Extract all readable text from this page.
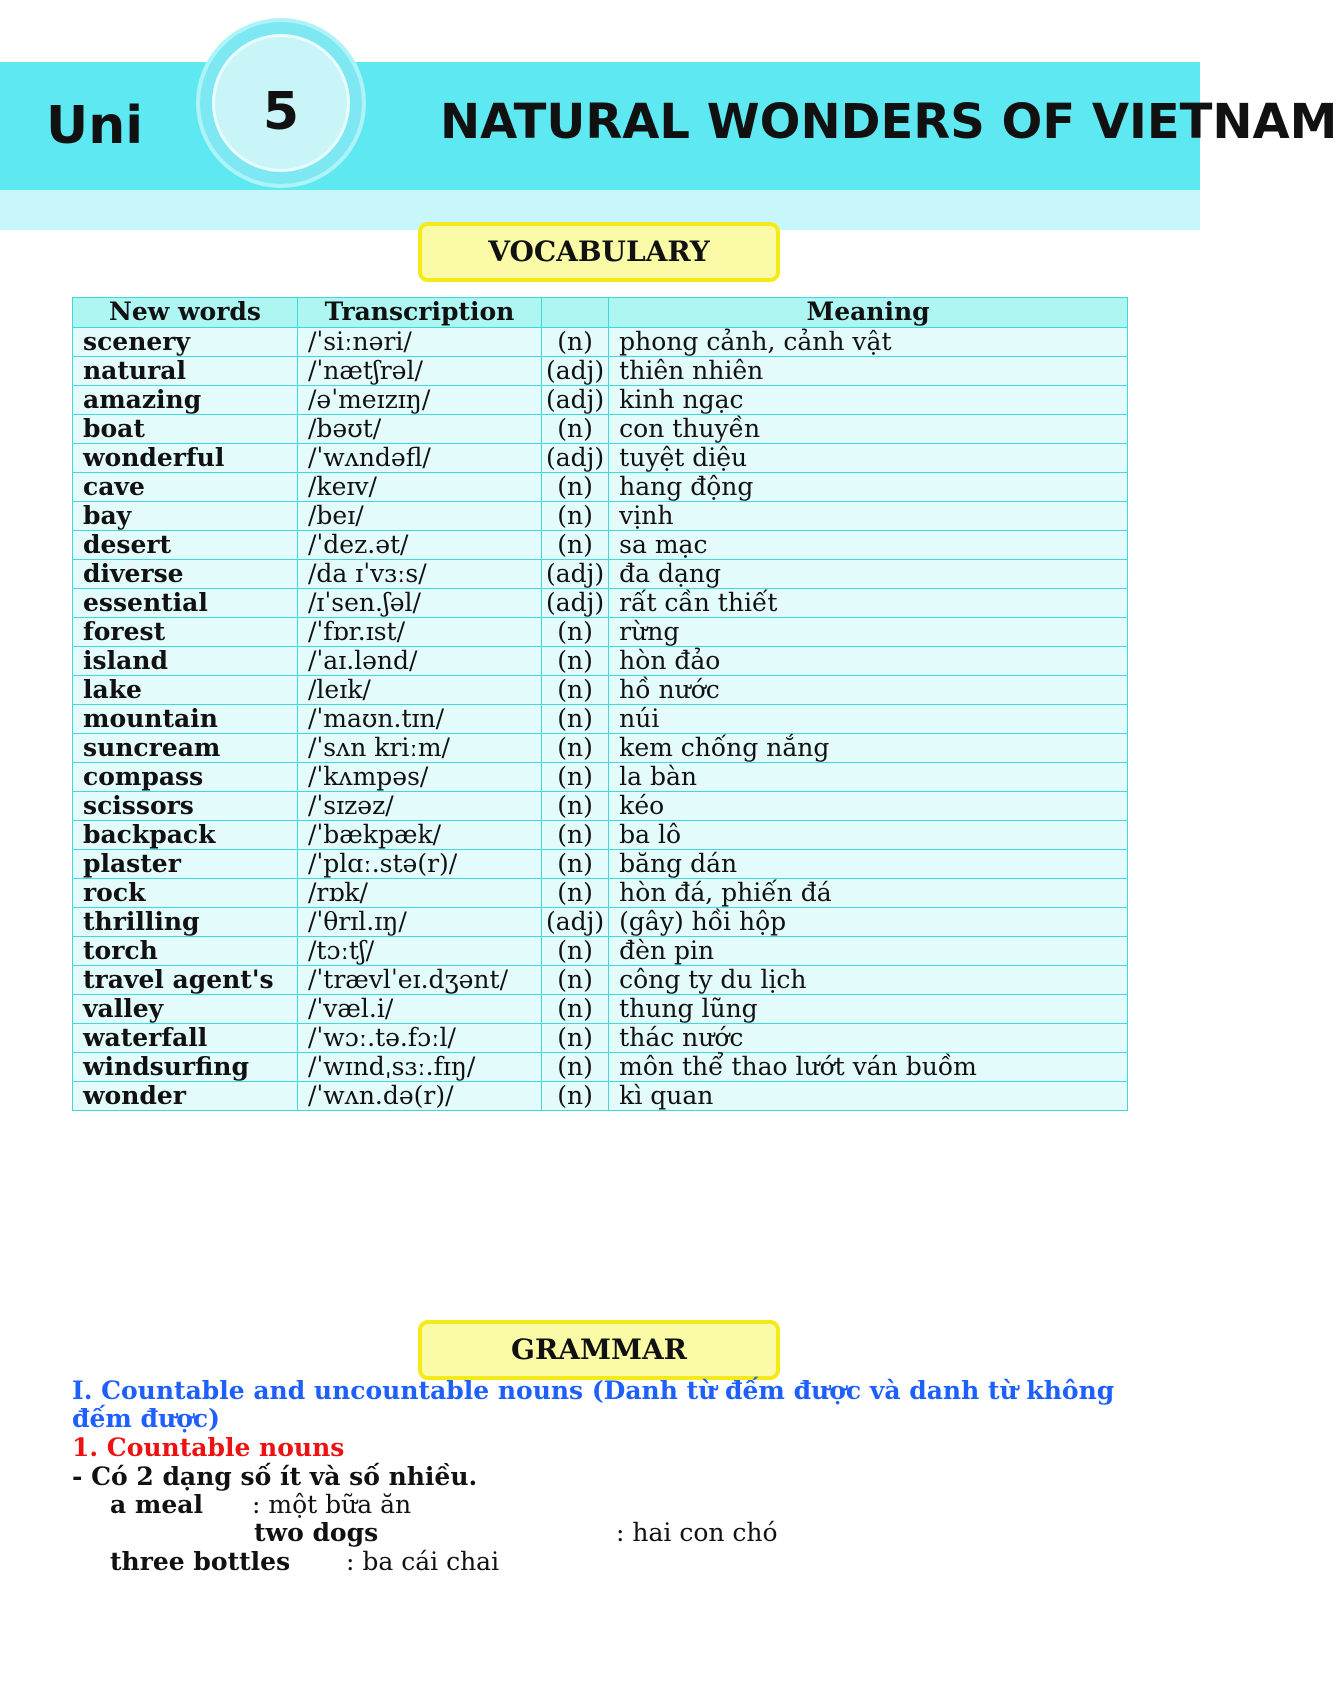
Uni	5	NATURAL WONDERS OF VIETNAM
VOCABULARY
New words	Transcription		Meaning
scenery	/ˈsiːnəri/	(n)	phong cảnh, cảnh vật
natural	/ˈnætʃrəl/	(adj)	thiên nhiên
amazing	/əˈmeɪzɪŋ/	(adj)	kinh ngạc
boat	/bəʊt/	(n)	con thuyền
wonderful	/ˈwʌndəfl/	(adj)	tuyệt diệu
cave	/keɪv/	(n)	hang động
bay	/beɪ/	(n)	vịnh
desert	/ˈdez.ət/	(n)	sa mạc
diverse	/da ɪˈvɜːs/	(adj)	đa dạng
essential	/ɪˈsen.ʃəl/	(adj)	rất cần thiết
forest	/ˈfɒr.ɪst/	(n)	rừng
island	/ˈaɪ.lənd/	(n)	hòn đảo
lake	/leɪk/	(n)	hồ nước
mountain	/ˈmaʊn.tɪn/	(n)	núi
suncream	/ˈsʌn kriːm/	(n)	kem chống nắng
compass	/ˈkʌmpəs/	(n)	la bàn
scissors	/ˈsɪzəz/	(n)	kéo
backpack	/ˈbækpæk/	(n)	ba lô
plaster	/ˈplɑː.stə(r)/	(n)	băng dán
rock	/rɒk/	(n)	hòn đá, phiến đá
thrilling	/ˈθrɪl.ɪŋ/	(adj)	(gây) hồi hộp
torch	/tɔːtʃ/	(n)	đèn pin
travel agent's	/ˈtrævlˈeɪ.dʒənt/	(n)	công ty du lịch
valley	/ˈvæl.i/	(n)	thung lũng
waterfall	/ˈwɔː.tə.fɔːl/	(n)	thác nước
windsurfing	/ˈwɪndˌsɜː.fɪŋ/	(n)	môn thể thao lướt ván buồm
wonder	/ˈwʌn.də(r)/	(n)	kì quan
GRAMMAR
I. Countable and uncountable nouns (Danh từ đếm được và danh từ không
đếm được)
1. Countable nouns
- Có 2 dạng số ít và số nhiều.
a meal : một bữa ăn
two dogs	: hai con chó
three bottles : ba cái chai
